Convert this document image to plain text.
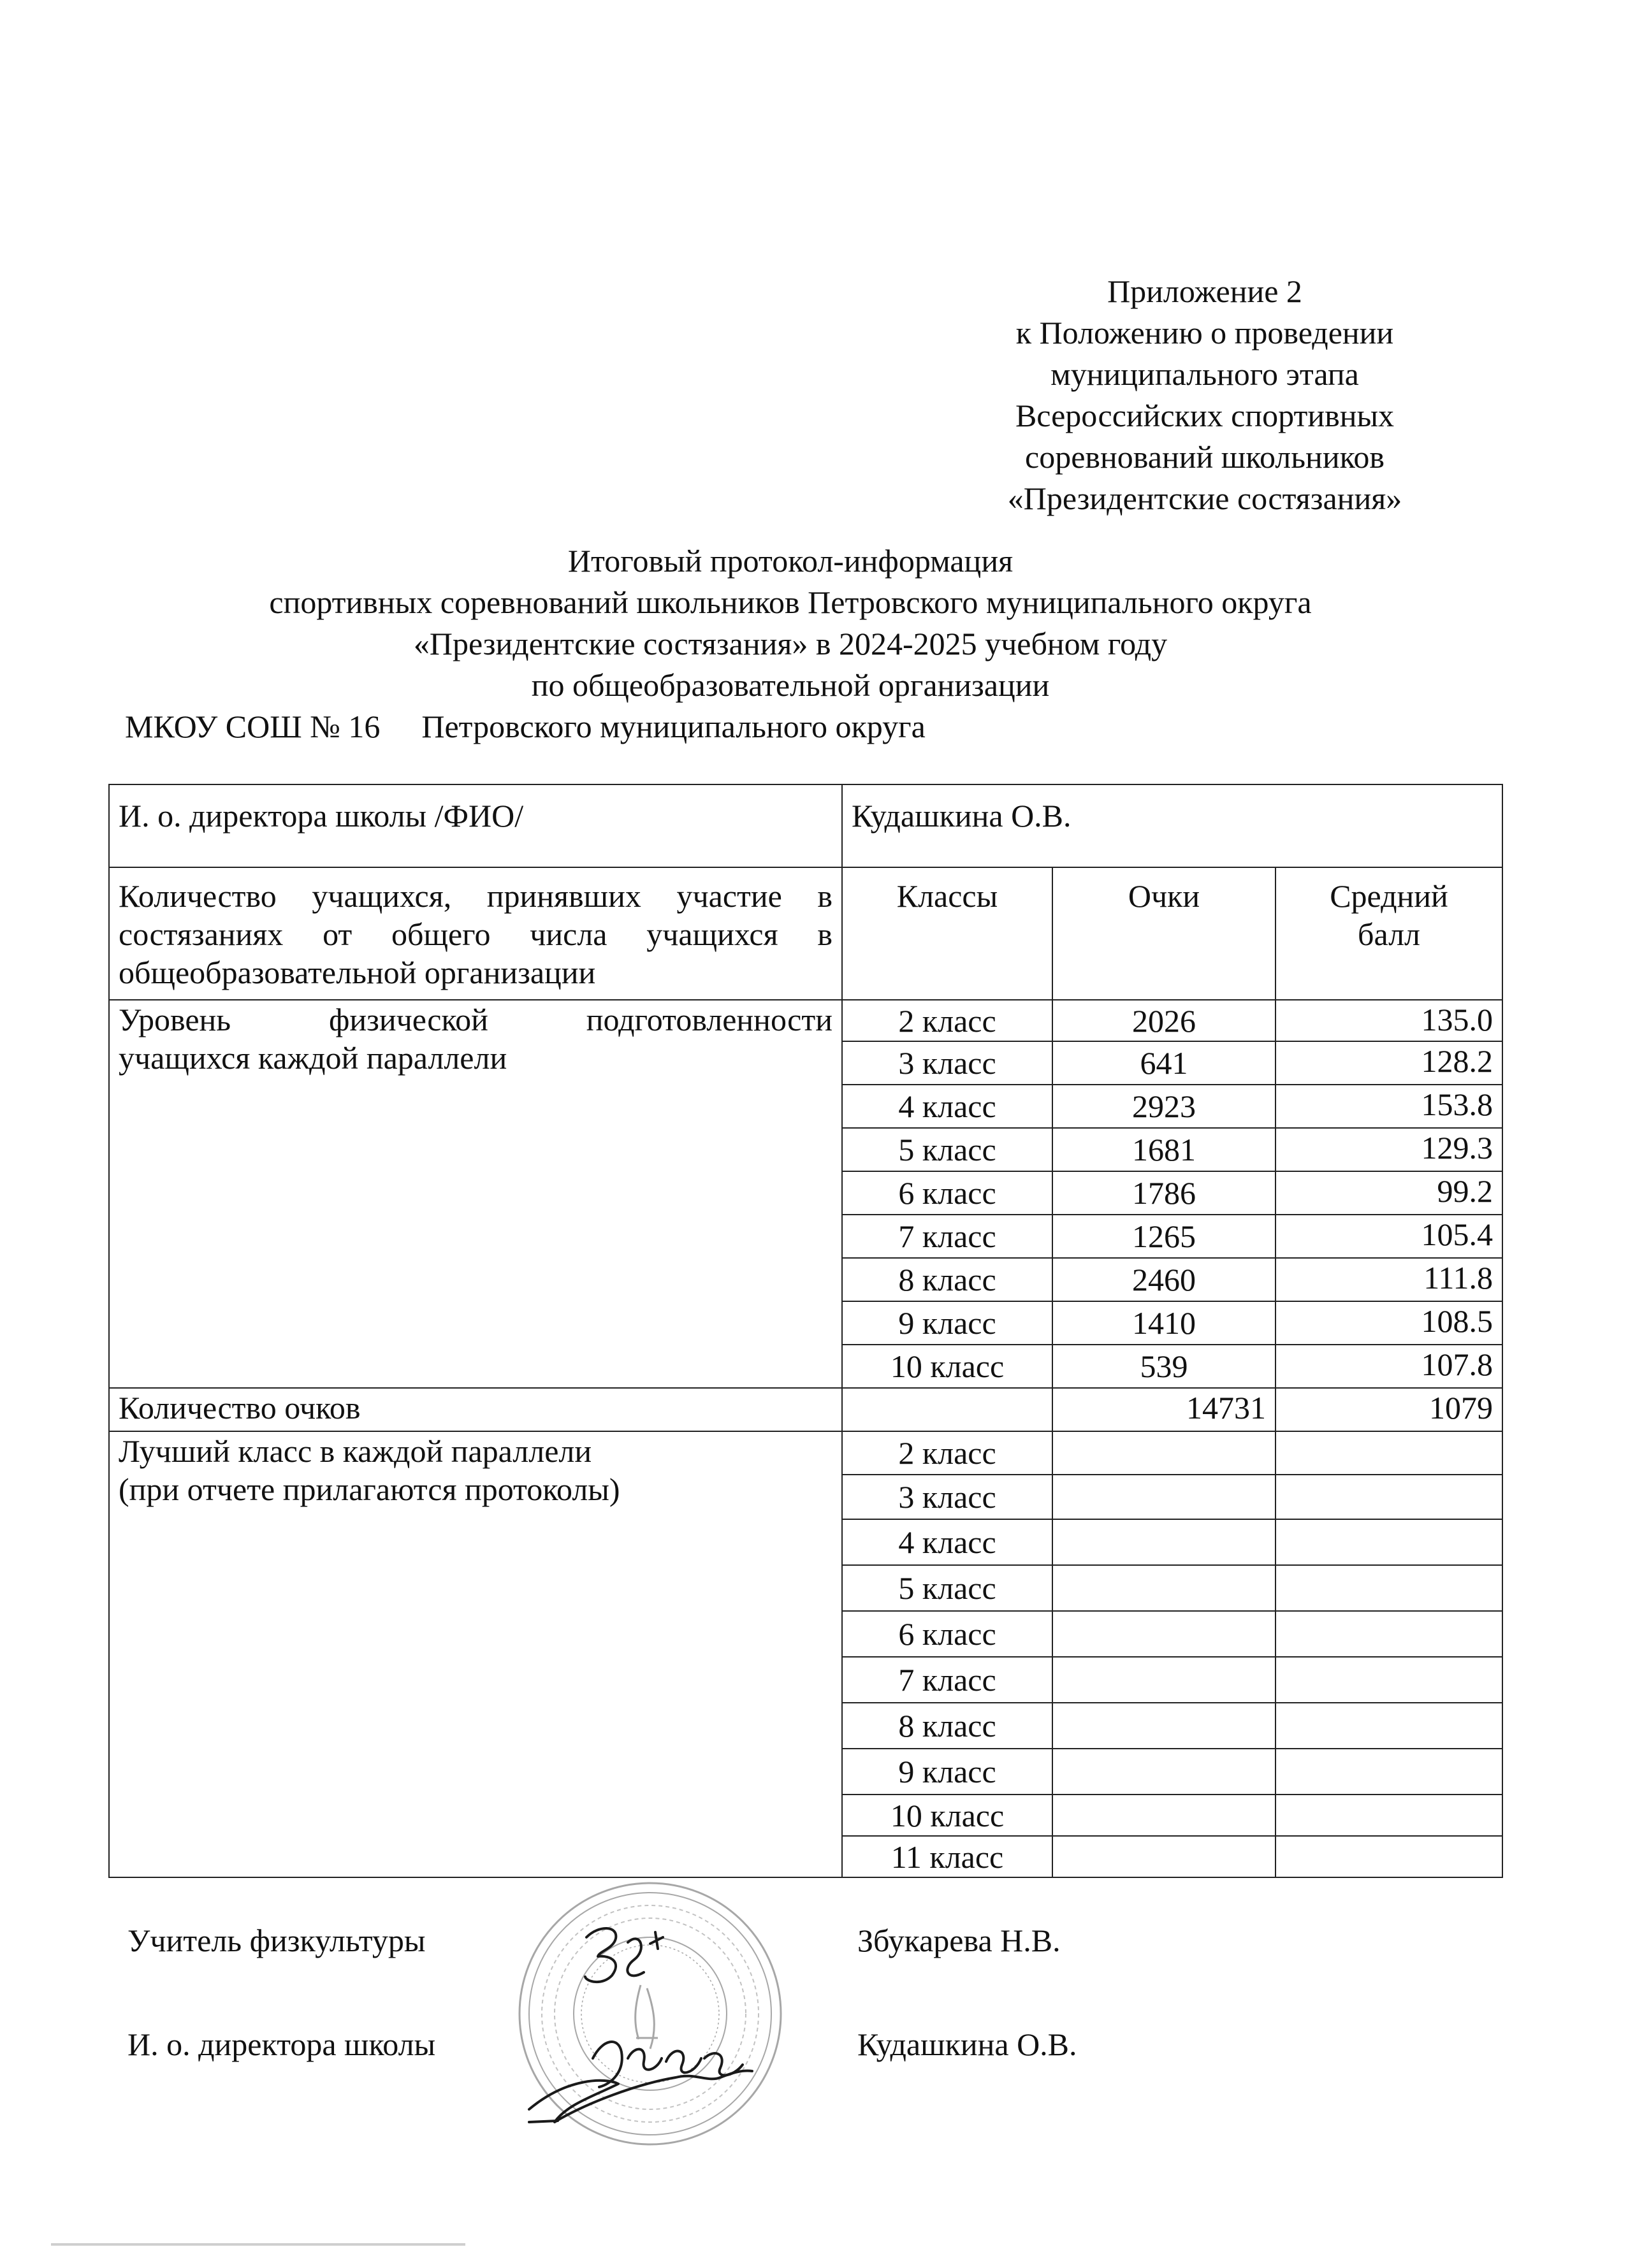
Приложение 2
к Положению о проведении
муниципального этапа
Всероссийских спортивных
соревнований школьников
«Президентские состязания»
Итоговый протокол-информация
спортивных соревнований школьников Петровского муниципального округа
«Президентские состязания» в 2024-2025 учебном году
по общеобразовательной организации
МКОУ СОШ № 16 Петровского муниципального округа
И. о. директора школы /ФИО/	Кудашкина О.В.		
Количество учащихся, принявших участие в состязаниях от общего числа учащихся в общеобразовательной организации	Классы	Очки	Средний
балл

Уровень физической подготовленности
учащихся каждой параллели	2 класс	2026	135.0
	3 класс	641	128.2
	4 класс	2923	153.8
	5 класс	1681	129.3
	6 класс	1786	99.2
	7 класс	1265	105.4
	8 класс	2460	111.8
	9 класс	1410	108.5
	10 класс	539	107.8
Количество очков		14731	1079

Лучший класс в каждой параллели
(при отчете прилагаются протоколы)	2 класс		
	3 класс		
	4 класс		
	5 класс		
	6 класс		
	7 класс		
	8 класс		
	9 класс		
	10 класс		
	11 класс		
Учитель физкультуры	Збукарева Н.В.
И. о. директора школы	Кудашкина О.В.
